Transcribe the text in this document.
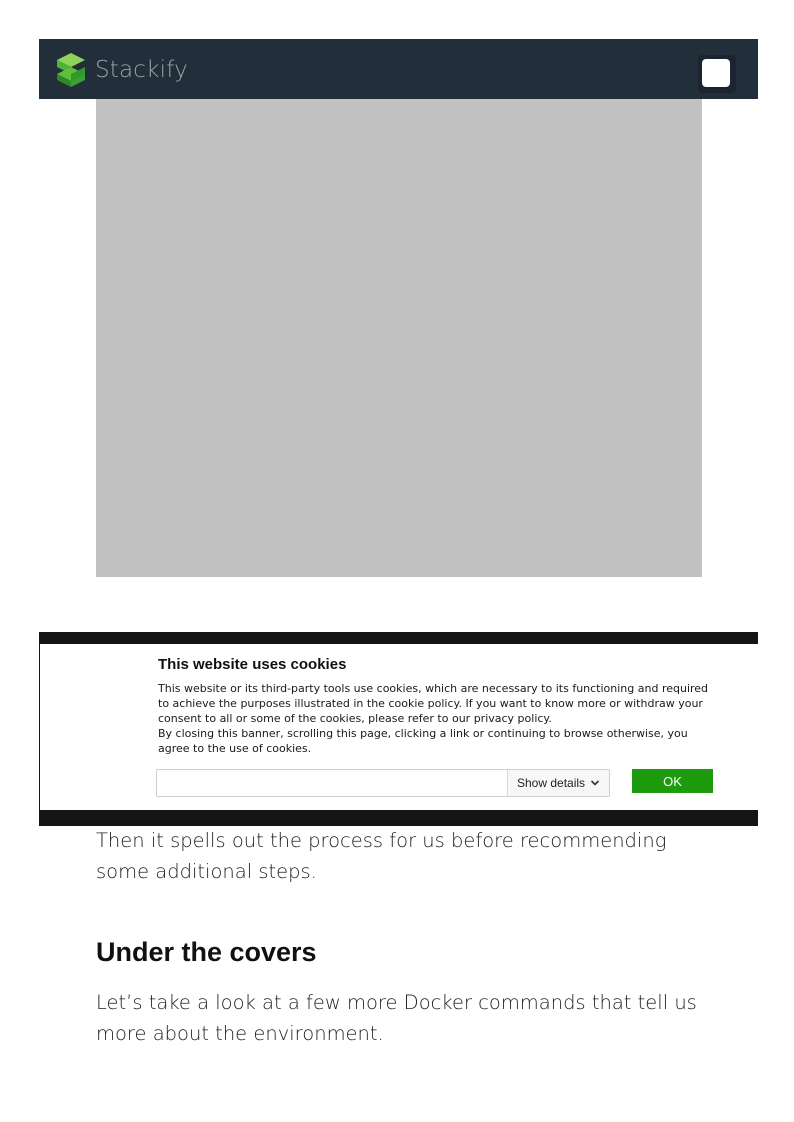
Stackify
This website uses cookies

This website or its third-party tools use cookies, which are necessary to its functioning and required to achieve the purposes illustrated in the cookie policy. If you want to know more or withdraw your consent to all or some of the cookies, please refer to our privacy policy.

By closing this banner, scrolling this page, clicking a link or continuing to browse otherwise, you agree to the use of cookies.

Show details	OK

Then it spells out the process for us before recommending some additional steps.

Under the covers

Let’s take a look at a few more Docker commands that tell us more about the environment.
